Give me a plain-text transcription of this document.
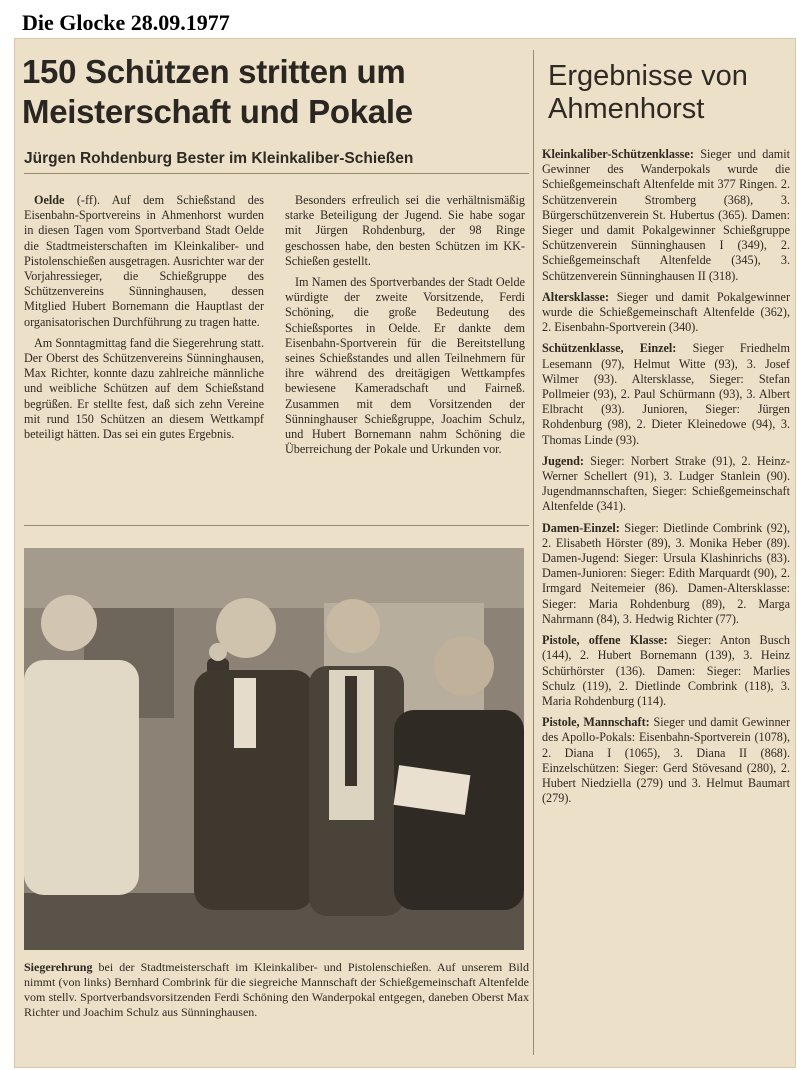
Die Glocke 28.09.1977
150 Schützen stritten um Meisterschaft und Pokale
Jürgen Rohdenburg Bester im Kleinkaliber-Schießen
Ergebnisse von Ahmenhorst

Oelde (-ff). Auf dem Schießstand des Eisenbahn-Sportvereins in Ahmenhorst wurden in diesen Tagen vom Sportverband Stadt Oelde die Stadtmeisterschaften im Kleinkaliber- und Pistolenschießen ausgetragen. Ausrichter war der Vorjahressieger, die Schießgruppe des Schützenvereins Sünninghausen, dessen Mitglied Hubert Bornemann die Hauptlast der organisatorischen Durchführung zu tragen hatte.

Am Sonntagmittag fand die Siegerehrung statt. Der Oberst des Schützenvereins Sünninghausen, Max Richter, konnte dazu zahlreiche männliche und weibliche Schützen auf dem Schießstand begrüßen. Er stellte fest, daß sich zehn Vereine mit rund 150 Schützen an diesem Wettkampf beteiligt hätten. Das sei ein gutes Ergebnis.

Besonders erfreulich sei die verhältnismäßig starke Beteiligung der Jugend. Sie habe sogar mit Jürgen Rohdenburg, der 98 Ringe geschossen habe, den besten Schützen im KK-Schießen gestellt.

Im Namen des Sportverbandes der Stadt Oelde würdigte der zweite Vorsitzende, Ferdi Schöning, die große Bedeutung des Schießsportes in Oelde. Er dankte dem Eisenbahn-Sportverein für die Bereitstellung seines Schießstandes und allen Teilnehmern für ihre während des dreitägigen Wettkampfes bewiesene Kameradschaft und Fairneß. Zusammen mit dem Vorsitzenden der Sünninghauser Schießgruppe, Joachim Schulz, und Hubert Bornemann nahm Schöning die Überreichung der Pokale und Urkunden vor.

Kleinkaliber-Schützenklasse: Sieger und damit Gewinner des Wanderpokals wurde die Schießgemeinschaft Altenfelde mit 377 Ringen. 2. Schützenverein Stromberg (368), 3. Bürgerschützenverein St. Hubertus (365). Damen: Sieger und damit Pokalgewinner Schießgruppe Schützenverein Sünninghausen I (349), 2. Schießgemeinschaft Altenfelde (345), 3. Schützenverein Sünninghausen II (318).

Altersklasse: Sieger und damit Pokalgewinner wurde die Schießgemeinschaft Altenfelde (362), 2. Eisenbahn-Sportverein (340).

Schützenklasse, Einzel: Sieger Friedhelm Lesemann (97), Helmut Witte (93), 3. Josef Wilmer (93). Altersklasse, Sieger: Stefan Pollmeier (93), 2. Paul Schürmann (93), 3. Albert Elbracht (93). Junioren, Sieger: Jürgen Rohdenburg (98), 2. Dieter Kleinedowe (94), 3. Thomas Linde (93).

Jugend: Sieger: Norbert Strake (91), 2. Heinz-Werner Schellert (91), 3. Ludger Stanlein (90). Jugendmannschaften, Sieger: Schießgemeinschaft Altenfelde (341).

Damen-Einzel: Sieger: Dietlinde Combrink (92), 2. Elisabeth Hörster (89), 3. Monika Heber (89). Damen-Jugend: Sieger: Ursula Klashinrichs (83). Damen-Junioren: Sieger: Edith Marquardt (90), 2. Irmgard Neitemeier (86). Damen-Altersklasse: Sieger: Maria Rohdenburg (89), 2. Marga Nahrmann (84), 3. Hedwig Richter (77).

Pistole, offene Klasse: Sieger: Anton Busch (144), 2. Hubert Bornemann (139), 3. Heinz Schürhörster (136). Damen: Sieger: Marlies Schulz (119), 2. Dietlinde Combrink (118), 3. Maria Rohdenburg (114).

Pistole, Mannschaft: Sieger und damit Gewinner des Apollo-Pokals: Eisenbahn-Sportverein (1078), 2. Diana I (1065), 3. Diana II (868). Einzelschützen: Sieger: Gerd Stövesand (280), 2. Hubert Niedziella (279) und 3. Helmut Baumart (279).

Siegerehrung bei der Stadtmeisterschaft im Kleinkaliber- und Pistolenschießen. Auf unserem Bild nimmt (von links) Bernhard Combrink für die siegreiche Mannschaft der Schießgemeinschaft Altenfelde vom stellv. Sportverbandsvorsitzenden Ferdi Schöning den Wanderpokal entgegen, daneben Oberst Max Richter und Joachim Schulz aus Sünninghausen.
